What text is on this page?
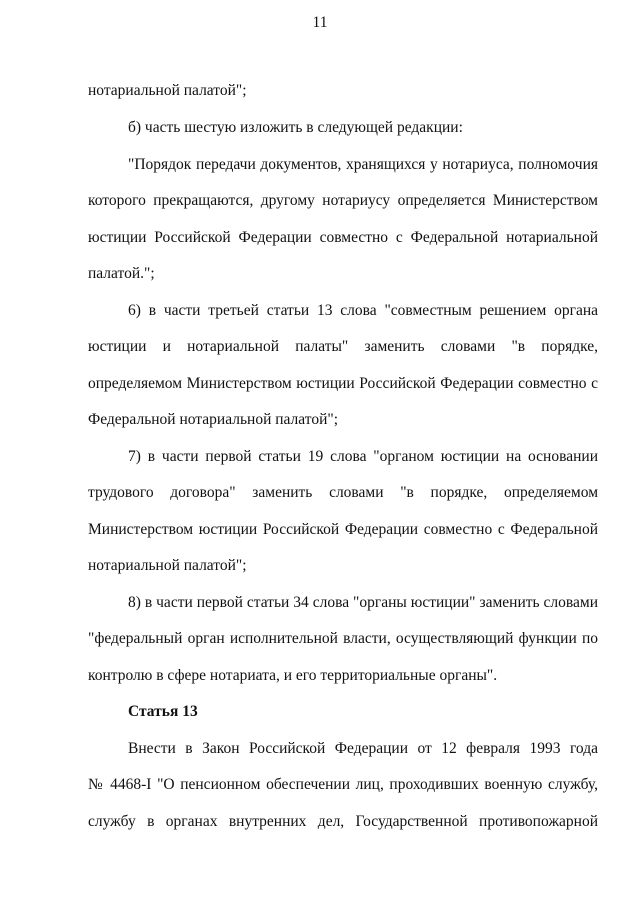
11
нотариальной палатой";
б) часть шестую изложить в следующей редакции:
"Порядок передачи документов, хранящихся у нотариуса, полномочия
которого прекращаются, другому нотариусу определяется Министерством
юстиции Российской Федерации совместно с Федеральной нотариальной
палатой.";
6) в части третьей статьи 13 слова "совместным решением органа
юстиции и нотариальной палаты" заменить словами "в порядке,
определяемом Министерством юстиции Российской Федерации совместно с
Федеральной нотариальной палатой";
7) в части первой статьи 19 слова "органом юстиции на основании
трудового договора" заменить словами "в порядке, определяемом
Министерством юстиции Российской Федерации совместно с Федеральной
нотариальной палатой";
8) в части первой статьи 34 слова "органы юстиции" заменить словами
"федеральный орган исполнительной власти, осуществляющий функции по
контролю в сфере нотариата, и его территориальные органы".
Статья 13
Внести в Закон Российской Федерации от 12 февраля 1993 года
№ 4468-I "О пенсионном обеспечении лиц, проходивших военную службу,
службу в органах внутренних дел, Государственной противопожарной
